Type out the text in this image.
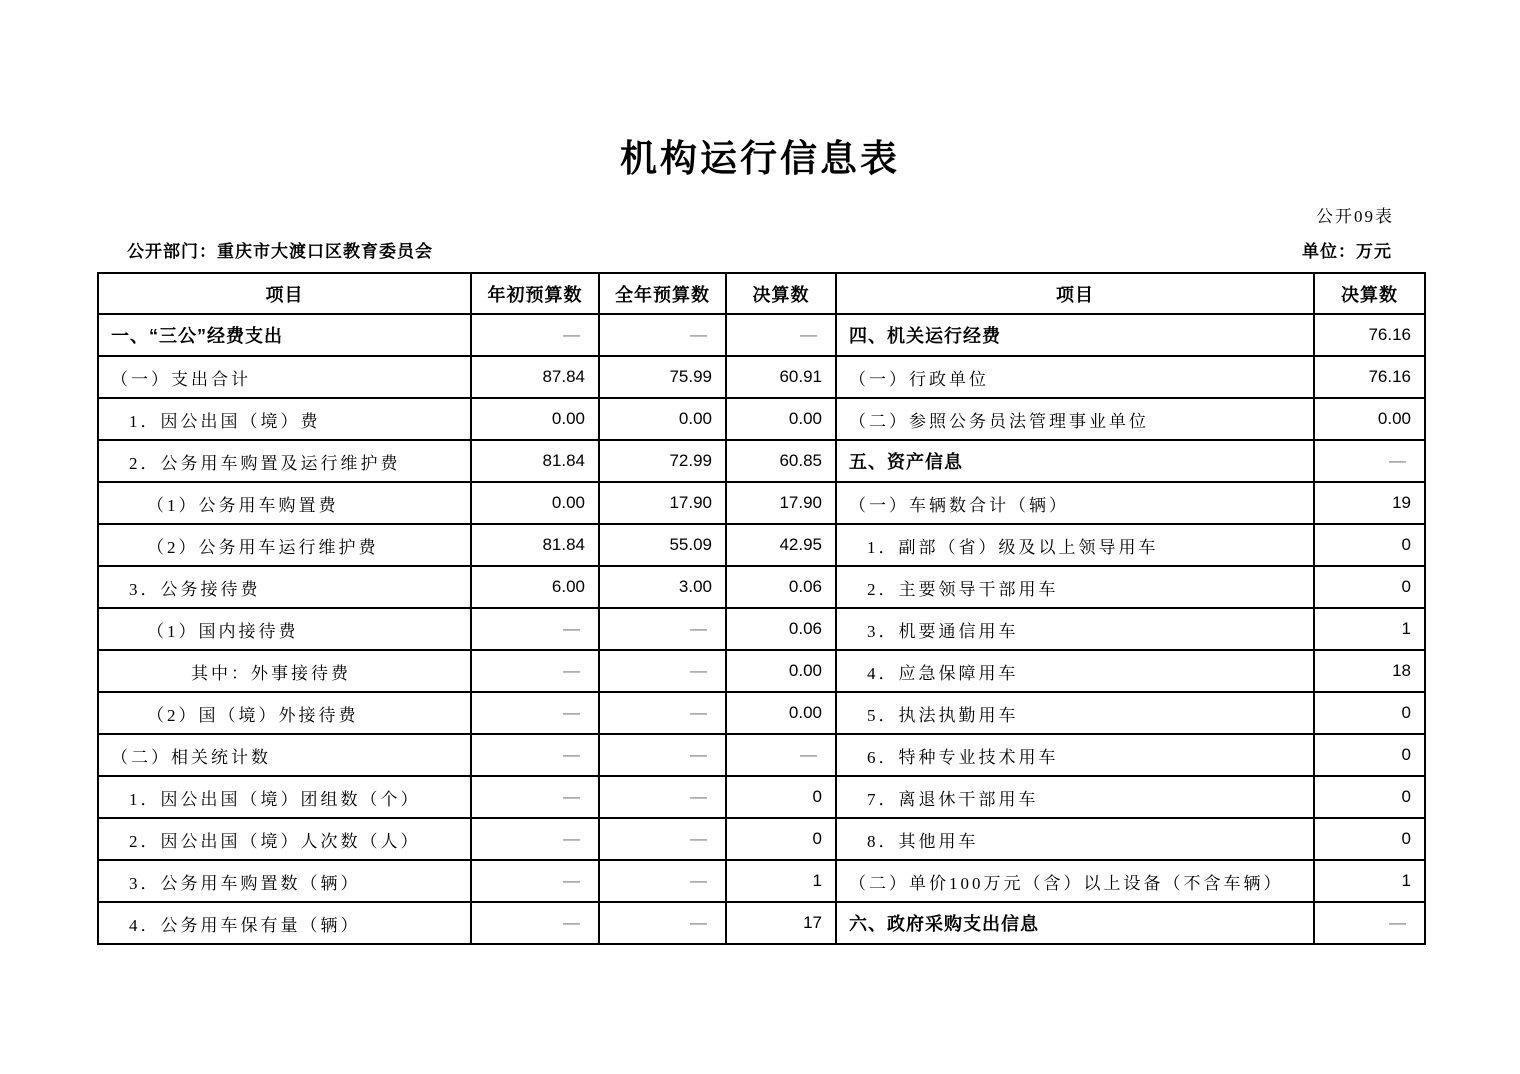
机构运行信息表
公开09表
公开部门：重庆市大渡口区教育委员会	单位：万元
项目	年初预算数	全年预算数	决算数	项目	决算数
一、“三公”经费支出	—	—	—	四、机关运行经费	76.16
（一）支出合计	87.84	75.99	60.91	（一）行政单位	76.16
1．因公出国（境）费	0.00	0.00	0.00	（二）参照公务员法管理事业单位	0.00
2．公务用车购置及运行维护费	81.84	72.99	60.85	五、资产信息	—
（1）公务用车购置费	0.00	17.90	17.90	（一）车辆数合计（辆）	19
（2）公务用车运行维护费	81.84	55.09	42.95	1．副部（省）级及以上领导用车	0
3．公务接待费	6.00	3.00	0.06	2．主要领导干部用车	0
（1）国内接待费	—	—	0.06	3．机要通信用车	1
其中：外事接待费	—	—	0.00	4．应急保障用车	18
（2）国（境）外接待费	—	—	0.00	5．执法执勤用车	0
（二）相关统计数	—	—	—	6．特种专业技术用车	0
1．因公出国（境）团组数（个）	—	—	0	7．离退休干部用车	0
2．因公出国（境）人次数（人）	—	—	0	8．其他用车	0
3．公务用车购置数（辆）	—	—	1	（二）单价100万元（含）以上设备（不含车辆）	1
4．公务用车保有量（辆）	—	—	17	六、政府采购支出信息	—
